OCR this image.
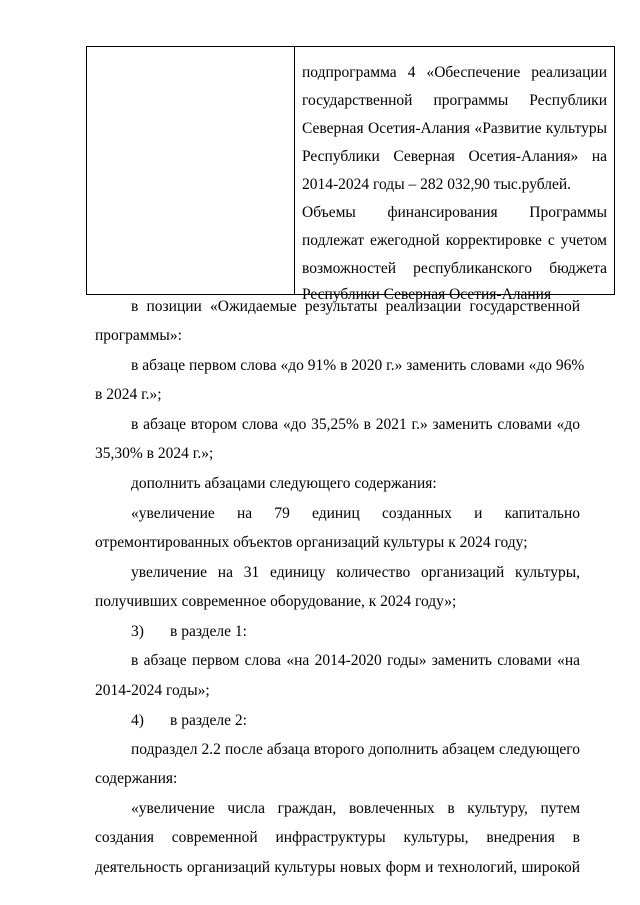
подпрограмма 4 «Обеспечение реализации
государственной программы Республики
Северная Осетия-Алания «Развитие культуры
Республики Северная Осетия-Алания» на
2014-2024 годы – 282 032,90 тыс.рублей.
Объемы финансирования Программы
подлежат ежегодной корректировке с учетом
возможностей республиканского бюджета
Республики Северная Осетия-Алания
в позиции «Ожидаемые результаты реализации государственной
программы»:
в абзаце первом слова «до 91% в 2020 г.» заменить словами «до 96%
в 2024 г.»;
в абзаце втором слова «до 35,25% в 2021 г.» заменить словами «до
35,30% в 2024 г.»;
дополнить абзацами следующего содержания:
«увеличение на 79 единиц созданных и капитально
отремонтированных объектов организаций культуры к 2024 году;
увеличение на 31 единицу количество организаций культуры,
получивших современное оборудование, к 2024 году»;
3) в разделе 1:
в абзаце первом слова «на 2014-2020 годы» заменить словами «на
2014-2024 годы»;
4) в разделе 2:
подраздел 2.2 после абзаца второго дополнить абзацем следующего
содержания:
«увеличение числа граждан, вовлеченных в культуру, путем
создания современной инфраструктуры культуры, внедрения в
деятельность организаций культуры новых форм и технологий, широкой
